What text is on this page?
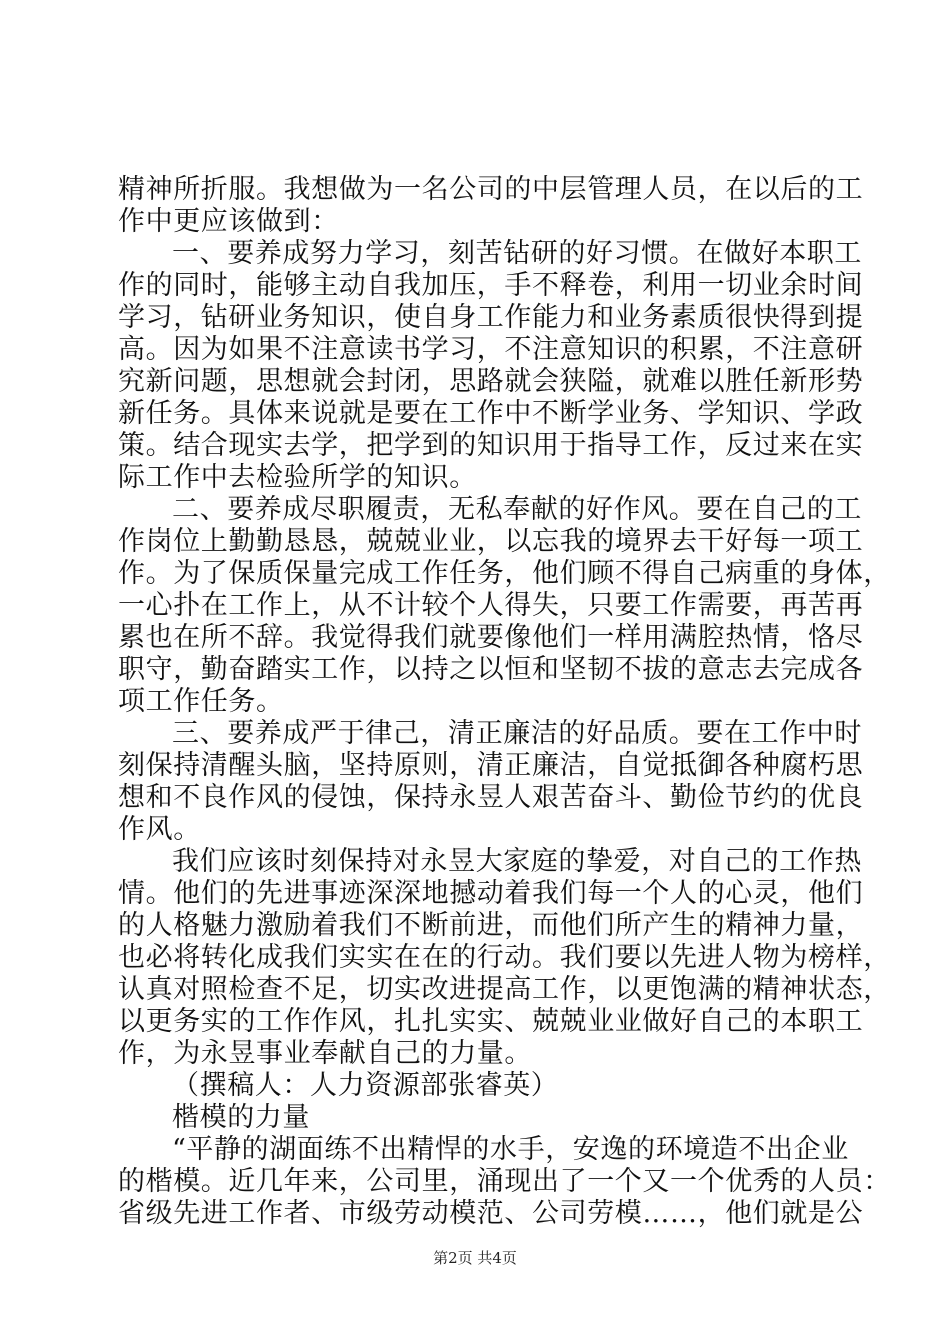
精神所折服。我想做为一名公司的中层管理人员，在以后的工
作中更应该做到：
一、要养成努力学习，刻苦钻研的好习惯。在做好本职工
作的同时，能够主动自我加压，手不释卷，利用一切业余时间
学习，钻研业务知识，使自身工作能力和业务素质很快得到提
高。因为如果不注意读书学习，不注意知识的积累，不注意研
究新问题，思想就会封闭，思路就会狭隘，就难以胜任新形势
新任务。具体来说就是要在工作中不断学业务、学知识、学政
策。结合现实去学，把学到的知识用于指导工作，反过来在实
际工作中去检验所学的知识。
二、要养成尽职履责，无私奉献的好作风。要在自己的工
作岗位上勤勤恳恳，兢兢业业，以忘我的境界去干好每一项工
作。为了保质保量完成工作任务，他们顾不得自己病重的身体，
一心扑在工作上，从不计较个人得失，只要工作需要，再苦再
累也在所不辞。我觉得我们就要像他们一样用满腔热情，恪尽
职守，勤奋踏实工作，以持之以恒和坚韧不拔的意志去完成各
项工作任务。
三、要养成严于律己，清正廉洁的好品质。要在工作中时
刻保持清醒头脑，坚持原则，清正廉洁，自觉抵御各种腐朽思
想和不良作风的侵蚀，保持永昱人艰苦奋斗、勤俭节约的优良
作风。
我们应该时刻保持对永昱大家庭的挚爱，对自己的工作热
情。他们的先进事迹深深地撼动着我们每一个人的心灵，他们
的人格魅力激励着我们不断前进，而他们所产生的精神力量，
也必将转化成我们实实在在的行动。我们要以先进人物为榜样，
认真对照检查不足，切实改进提高工作，以更饱满的精神状态，
以更务实的工作作风，扎扎实实、兢兢业业做好自己的本职工
作，为永昱事业奉献自己的力量。
（撰稿人：人力资源部张睿英）
楷模的力量
“平静的湖面练不出精悍的水手，安逸的环境造不出企业
的楷模。近几年来，公司里，涌现出了一个又一个优秀的人员：
省级先进工作者、市级劳动模范、公司劳模……，他们就是公
第2页 共4页
